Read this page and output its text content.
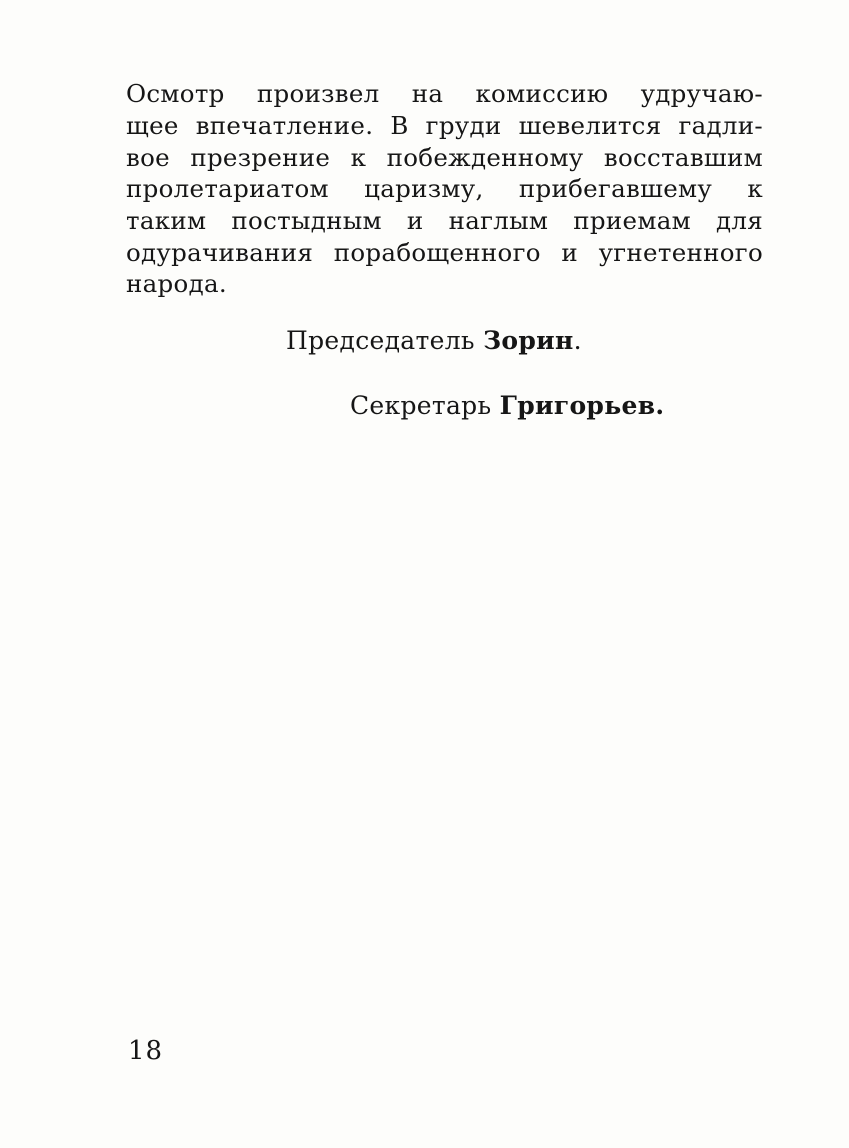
Осмотр произвел на комиссию удручаю-
щее впечатление. В груди шевелится гадли-
вое презрение к побежденному восставшим
пролетариатом царизму, прибегавшему к
таким постыдным и наглым приемам для
одурачивания порабощенного и угнетенного
народа.
Председатель Зорин.
Секретарь Григорьев.
18
